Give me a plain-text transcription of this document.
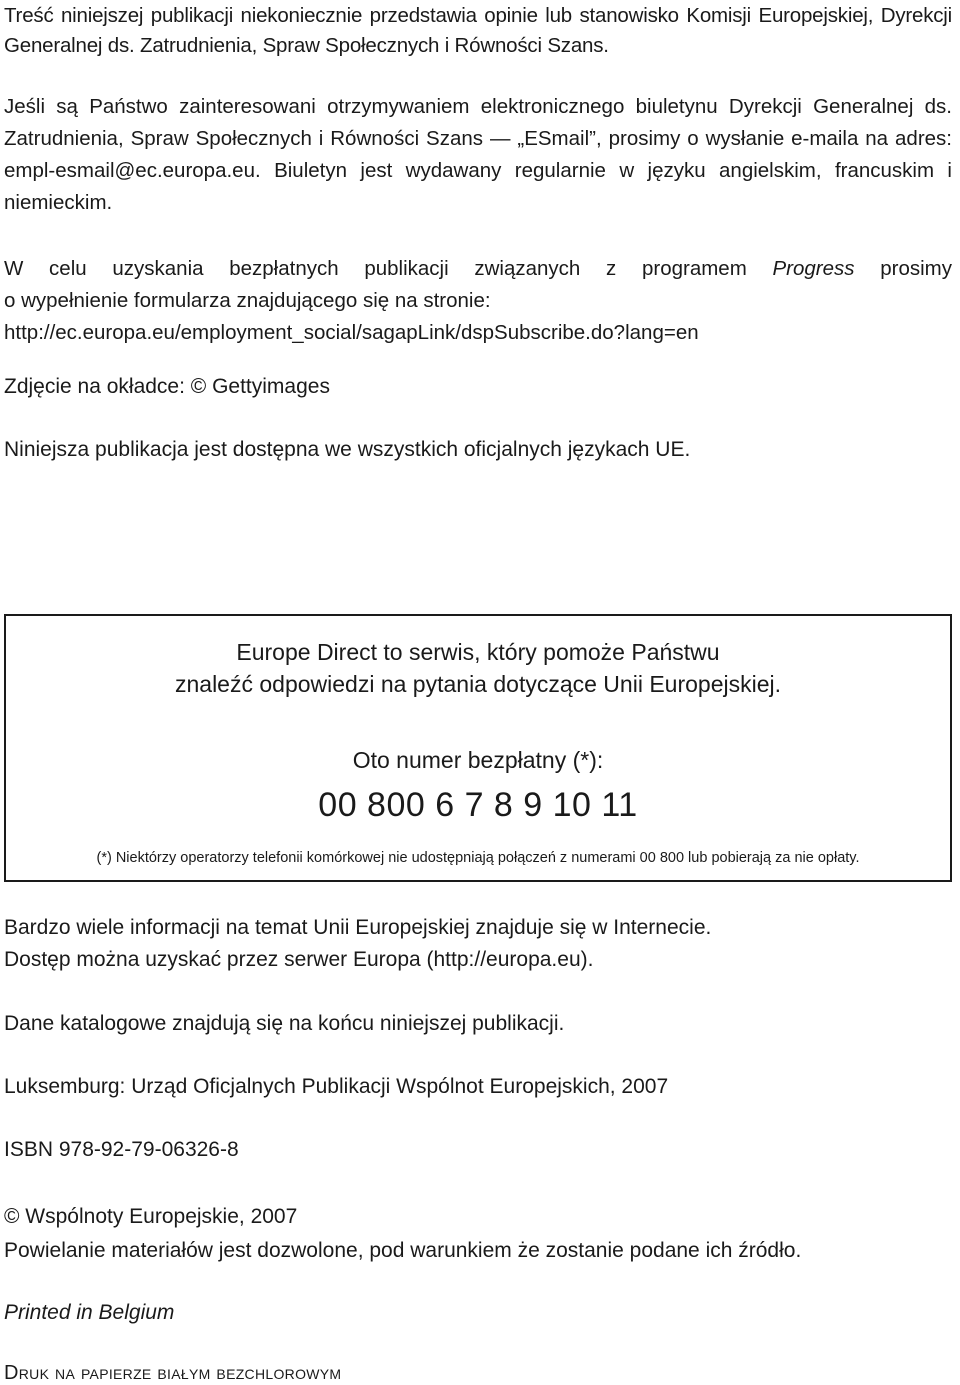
Treść niniejszej publikacji niekoniecznie przedstawia opinie lub stanowisko Komisji Europejskiej, Dyrekcji Generalnej ds. Zatrudnienia, Spraw Społecznych i Równości Szans.

Jeśli są Państwo zainteresowani otrzymywaniem elektronicznego biuletynu Dyrekcji Generalnej ds. Zatrudnienia, Spraw Społecznych i Równości Szans — „ESmail”, prosimy o wysłanie e-maila na adres: empl-esmail@ec.europa.eu. Biuletyn jest wydawany regularnie w języku angielskim, francuskim i niemieckim.

W celu uzyskania bezpłatnych publikacji związanych z programem Progress prosimy
o wypełnienie formularza znajdującego się na stronie:
http://ec.europa.eu/employment_social/sagapLink/dspSubscribe.do?lang=en

Zdjęcie na okładce: © Gettyimages

Niniejsza publikacja jest dostępna we wszystkich oficjalnych językach UE.

Europe Direct to serwis, który pomoże Państwu
znaleźć odpowiedzi na pytania dotyczące Unii Europejskiej.
Oto numer bezpłatny (*):
00 800 6 7 8 9 10 11
(*) Niektórzy operatorzy telefonii komórkowej nie udostępniają połączeń z numerami 00 800 lub pobierają za nie opłaty.

Bardzo wiele informacji na temat Unii Europejskiej znajduje się w Internecie.

Dostęp można uzyskać przez serwer Europa (http://europa.eu).

Dane katalogowe znajdują się na końcu niniejszej publikacji.

Luksemburg: Urząd Oficjalnych Publikacji Wspólnot Europejskich, 2007

ISBN 978-92-79-06326-8

© Wspólnoty Europejskie, 2007

Powielanie materiałów jest dozwolone, pod warunkiem że zostanie podane ich źródło.

Printed in Belgium

Druk na papierze białym bezchlorowym
